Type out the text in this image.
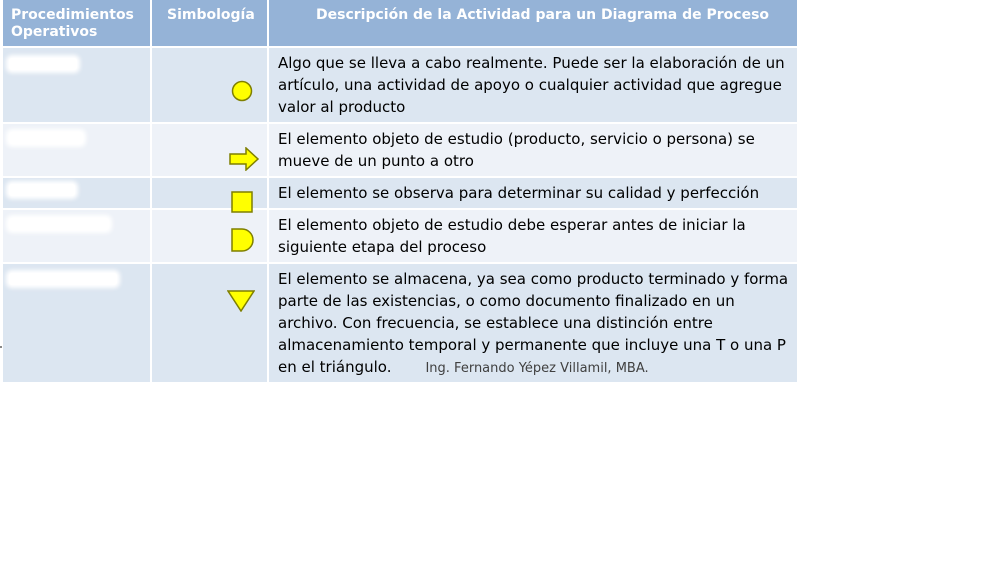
Procedimientos Operativos
Simbología	Descripción de la Actividad para un Diagrama de Proceso
Algo que se lleva a cabo realmente. Puede ser la elaboración de un artículo, una actividad de apoyo o cualquier actividad que agregue valor al producto
El elemento objeto de estudio (producto, servicio o persona) se mueve de un punto a otro
El elemento se observa para determinar su calidad y perfección
El elemento objeto de estudio debe esperar antes de iniciar la siguiente etapa del proceso
El elemento se almacena, ya sea como producto terminado y forma parte de las existencias, o como documento finalizado en un archivo. Con frecuencia, se establece una distinción entre almacenamiento temporal y permanente que incluye una T o una P en el triángulo.	Ing. Fernando Yépez Villamil, MBA.
